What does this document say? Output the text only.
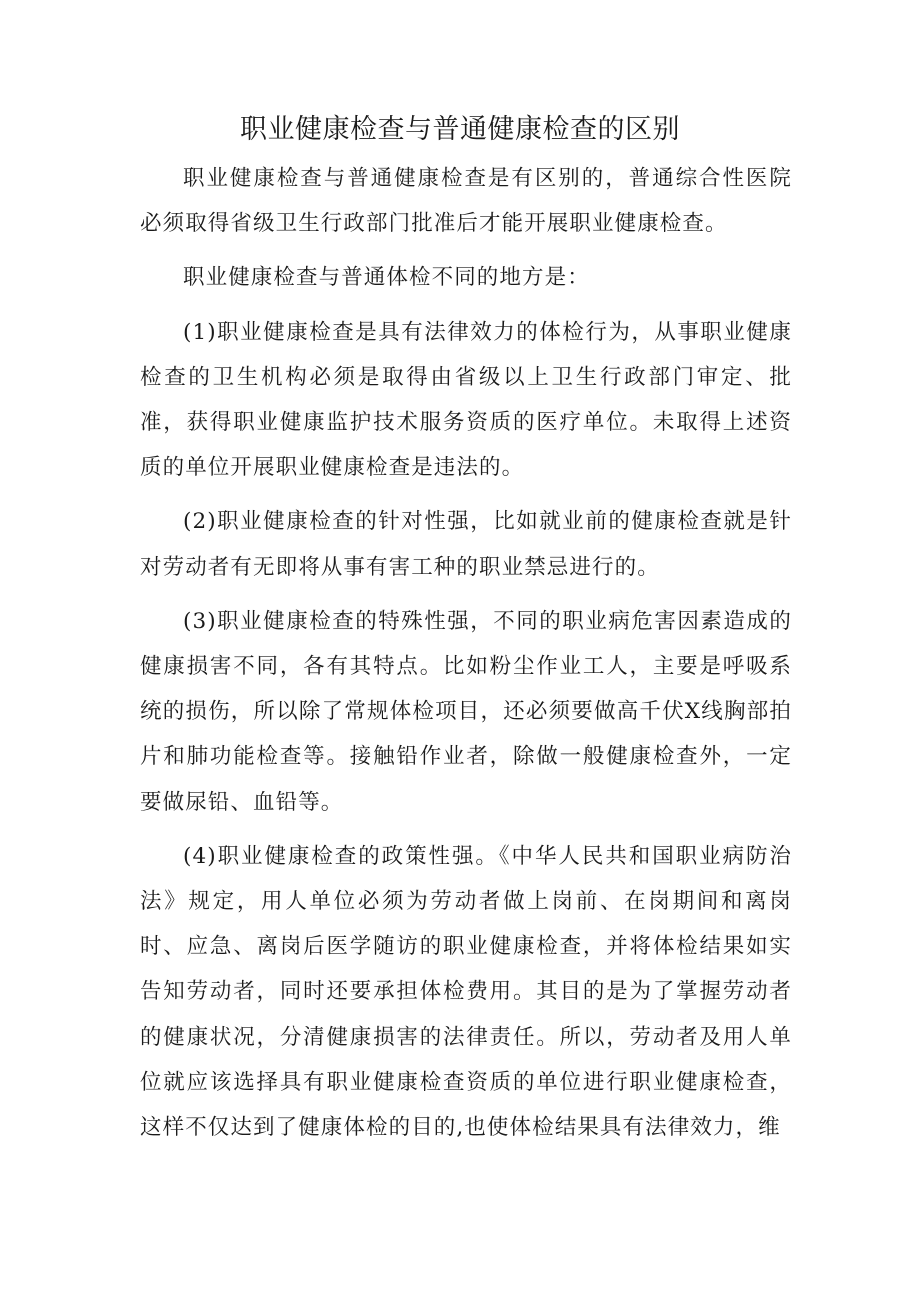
职业健康检查与普通健康检查的区别

职业健康检查与普通健康检查是有区别的，普通综合性医院必须取得省级卫生行政部门批准后才能开展职业健康检查。

职业健康检查与普通体检不同的地方是：

(1)职业健康检查是具有法律效力的体检行为，从事职业健康检查的卫生机构必须是取得由省级以上卫生行政部门审定、批准，获得职业健康监护技术服务资质的医疗单位。未取得上述资质的单位开展职业健康检查是违法的。

(2)职业健康检查的针对性强，比如就业前的健康检查就是针对劳动者有无即将从事有害工种的职业禁忌进行的。

(3)职业健康检查的特殊性强，不同的职业病危害因素造成的健康损害不同，各有其特点。比如粉尘作业工人，主要是呼吸系统的损伤，所以除了常规体检项目，还必须要做高千伏X线胸部拍片和肺功能检查等。接触铅作业者，除做一般健康检查外，一定要做尿铅、血铅等。

(4)职业健康检查的政策性强。《中华人民共和国职业病防治法》规定，用人单位必须为劳动者做上岗前、在岗期间和离岗时、应急、离岗后医学随访的职业健康检查，并将体检结果如实告知劳动者，同时还要承担体检费用。其目的是为了掌握劳动者的健康状况，分清健康损害的法律责任。所以，劳动者及用人单位就应该选择具有职业健康检查资质的单位进行职业健康检查，这样不仅达到了健康体检的目的,也使体检结果具有法律效力，维
